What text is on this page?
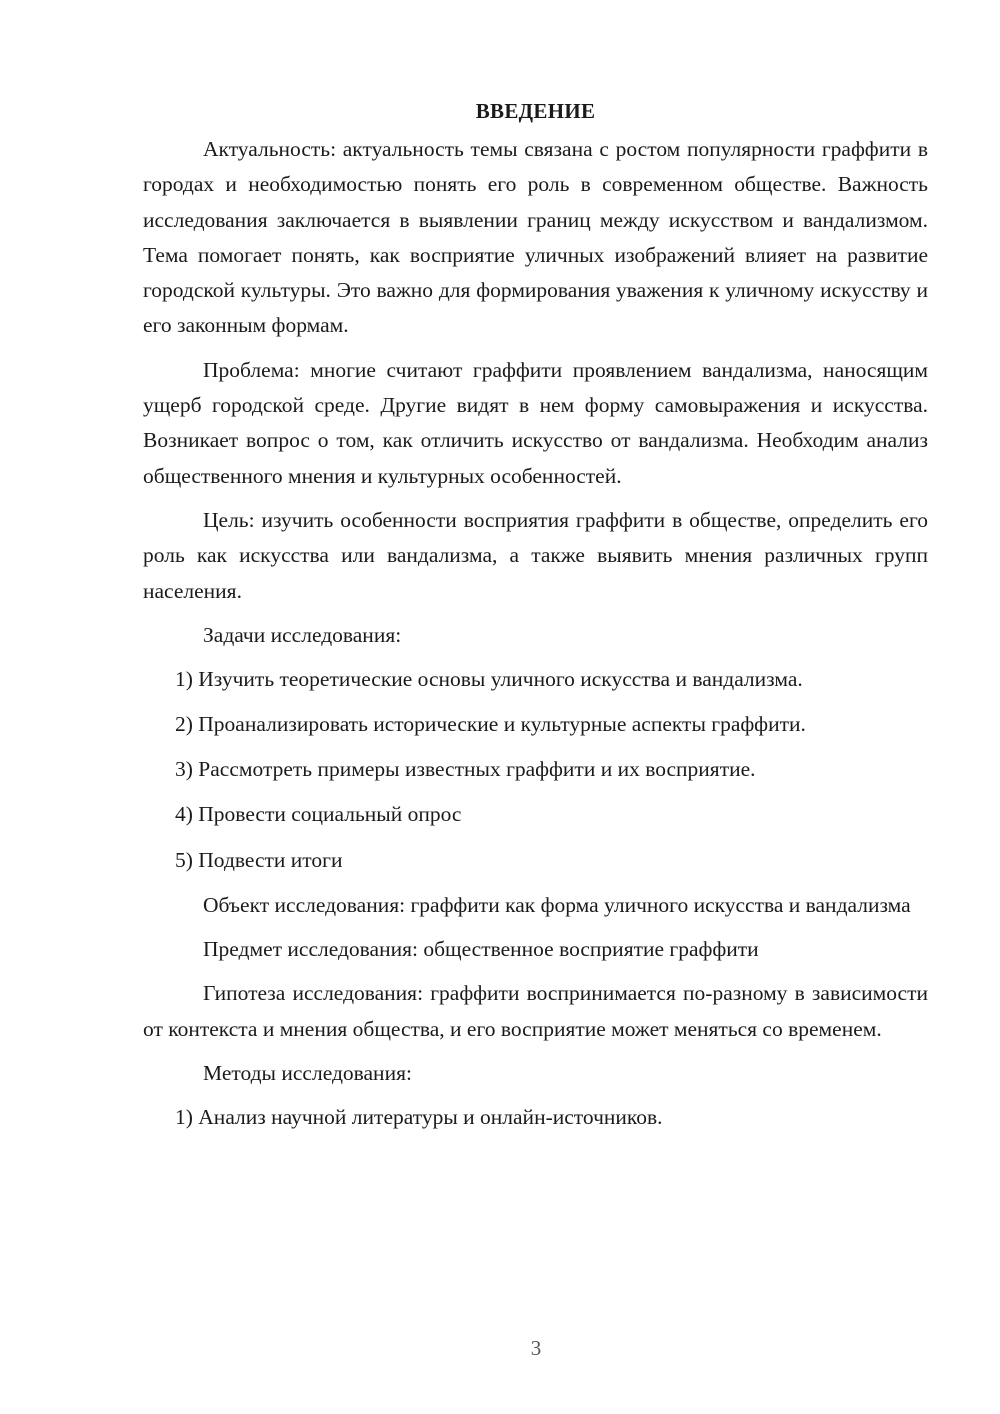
ВВЕДЕНИЕ

Актуальность: актуальность темы связана с ростом популярности граффити в городах и необходимостью понять его роль в современном обществе. Важность исследования заключается в выявлении границ между искусством и вандализмом. Тема помогает понять, как восприятие уличных изображений влияет на развитие городской культуры. Это важно для формирования уважения к уличному искусству и его законным формам.

Проблема: многие считают граффити проявлением вандализма, наносящим ущерб городской среде. Другие видят в нем форму самовыражения и искусства. Возникает вопрос о том, как отличить искусство от вандализма. Необходим анализ общественного мнения и культурных особенностей.

Цель: изучить особенности восприятия граффити в обществе, определить его роль как искусства или вандализма, а также выявить мнения различных групп населения.

Задачи исследования:

1) Изучить теоретические основы уличного искусства и вандализма.
2) Проанализировать исторические и культурные аспекты граффити.
3) Рассмотреть примеры известных граффити и их восприятие.
4) Провести социальный опрос
5) Подвести итоги

Объект исследования: граффити как форма уличного искусства и вандализма

Предмет исследования: общественное восприятие граффити

Гипотеза исследования: граффити воспринимается по-разному в зависимости от контекста и мнения общества, и его восприятие может меняться со временем.

Методы исследования:

1) Анализ научной литературы и онлайн-источников.
3
